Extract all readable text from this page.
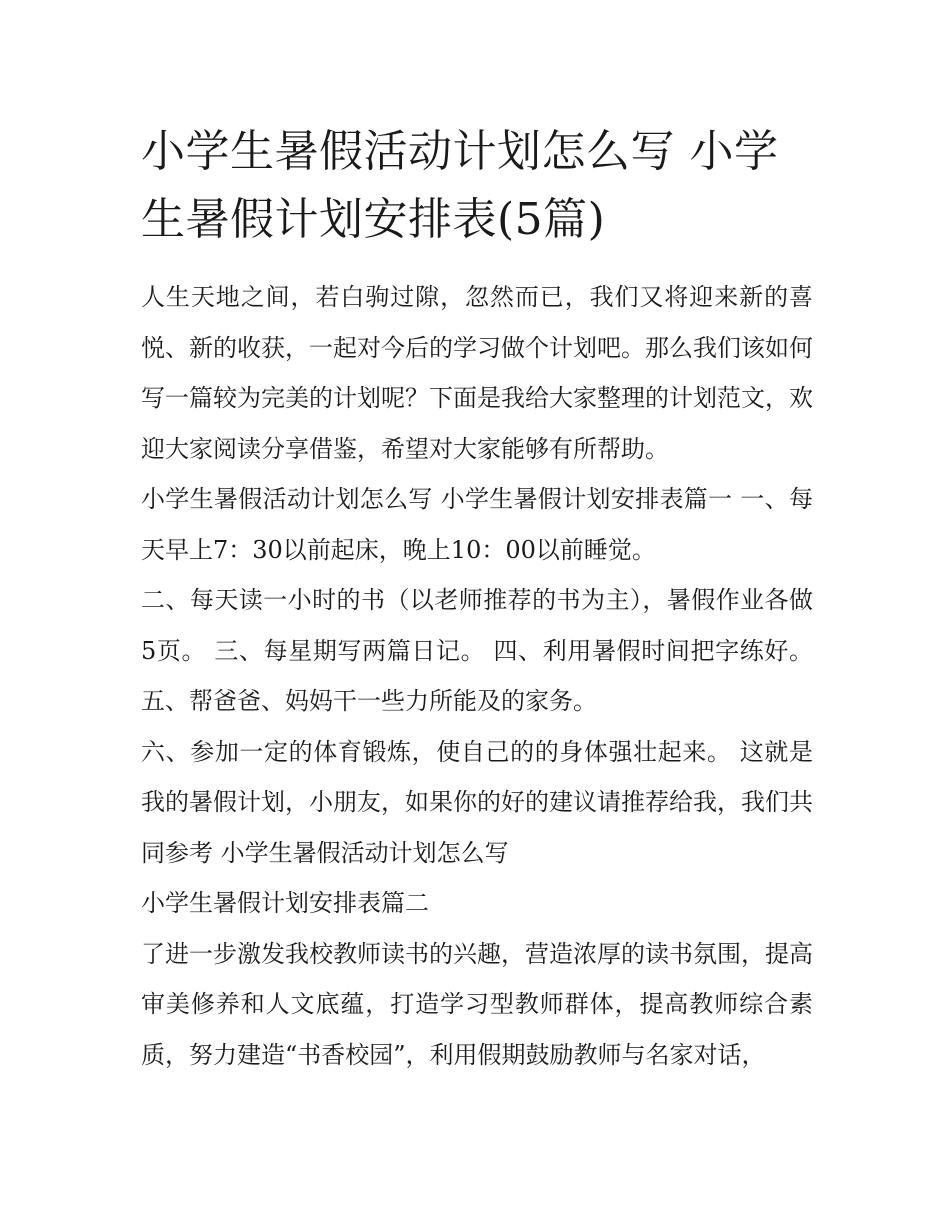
小学生暑假活动计划怎么写 小学生暑假计划安排表(5篇)

人生天地之间，若白驹过隙，忽然而已，我们又将迎来新的喜悦、新的收获，一起对今后的学习做个计划吧。那么我们该如何写一篇较为完美的计划呢？下面是我给大家整理的计划范文，欢迎大家阅读分享借鉴，希望对大家能够有所帮助。

小学生暑假活动计划怎么写 小学生暑假计划安排表篇一 一、每天早上7：30以前起床，晚上10：00以前睡觉。

二、每天读一小时的书（以老师推荐的书为主），暑假作业各做5页。 三、每星期写两篇日记。 四、利用暑假时间把字练好。 五、帮爸爸、妈妈干一些力所能及的家务。

六、参加一定的体育锻炼，使自己的的身体强壮起来。 这就是我的暑假计划，小朋友，如果你的好的建议请推荐给我，我们共同参考 小学生暑假活动计划怎么写

小学生暑假计划安排表篇二

了进一步激发我校教师读书的兴趣，营造浓厚的读书氛围，提高审美修养和人文底蕴，打造学习型教师群体，提高教师综合素质，努力建造“书香校园”，利用假期鼓励教师与名家对话，
